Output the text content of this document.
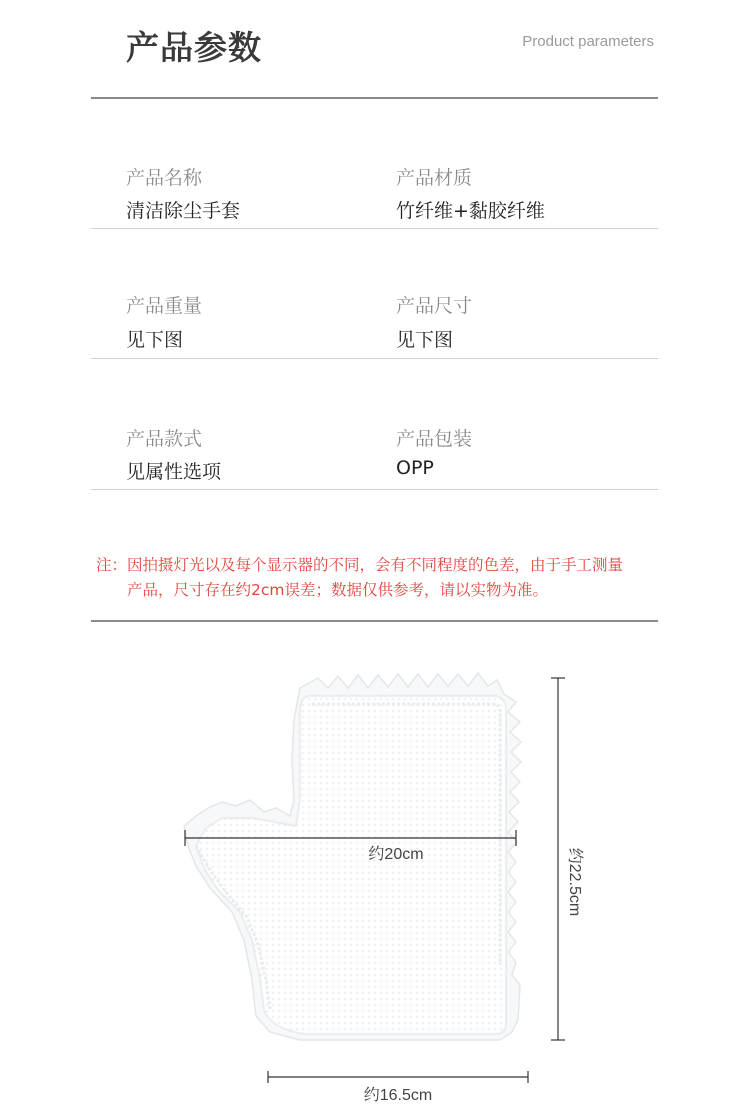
产品参数	Product parameters
产品名称
清洁除尘手套
产品材质
竹纤维+黏胶纤维
产品重量
见下图
产品尺寸
见下图
产品款式
见属性选项
产品包装
OPP
注：因拍摄灯光以及每个显示器的不同，会有不同程度的色差，由于手工测量
产品，尺寸存在约2cm误差；数据仅供参考，请以实物为准。
约20cm	约22.5cm
约16.5cm
